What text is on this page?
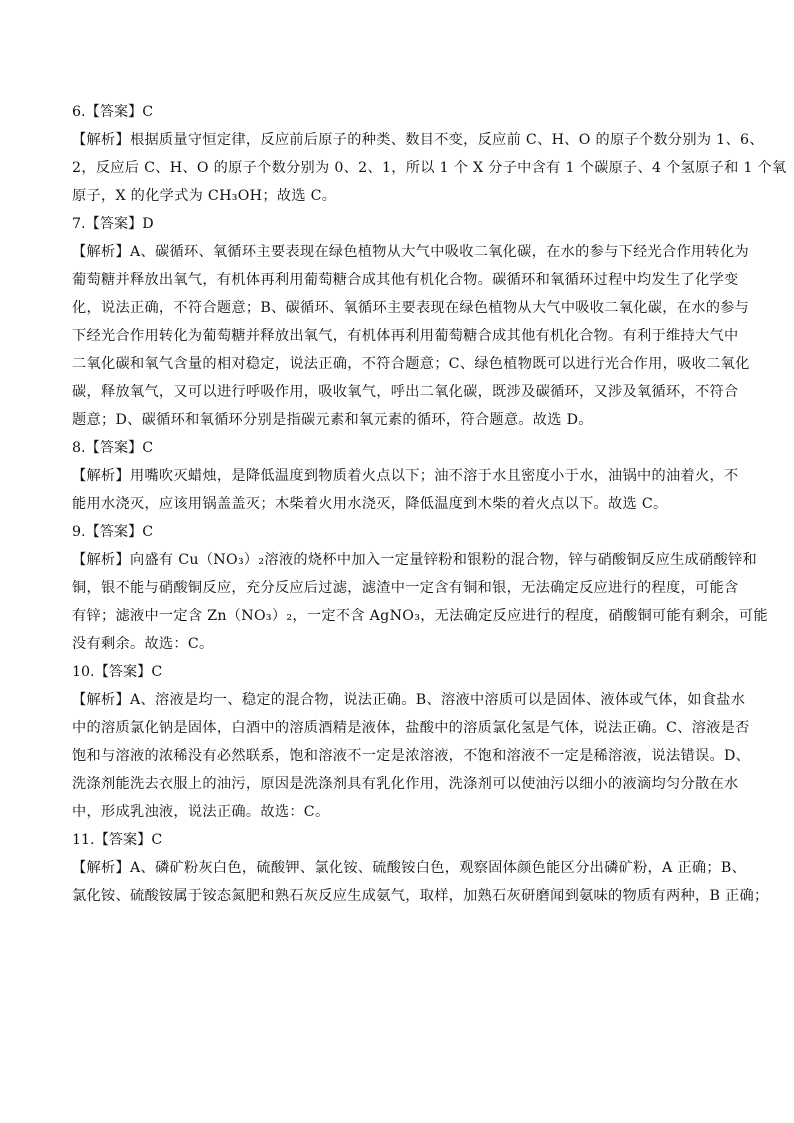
6.【答案】C
【解析】根据质量守恒定律，反应前后原子的种类、数目不变，反应前 C、H、O 的原子个数分别为 1、6、
2，反应后 C、H、O 的原子个数分别为 0、2、1，所以 1 个 X 分子中含有 1 个碳原子、4 个氢原子和 1 个氧
原子，X 的化学式为 CH₃OH；故选 C。
7.【答案】D
【解析】A、碳循环、氧循环主要表现在绿色植物从大气中吸收二氧化碳，在水的参与下经光合作用转化为
葡萄糖并释放出氧气，有机体再利用葡萄糖合成其他有机化合物。碳循环和氧循环过程中均发生了化学变
化，说法正确，不符合题意；B、碳循环、氧循环主要表现在绿色植物从大气中吸收二氧化碳，在水的参与
下经光合作用转化为葡萄糖并释放出氧气，有机体再利用葡萄糖合成其他有机化合物。有利于维持大气中
二氧化碳和氧气含量的相对稳定，说法正确，不符合题意；C、绿色植物既可以进行光合作用，吸收二氧化
碳，释放氧气，又可以进行呼吸作用，吸收氧气，呼出二氧化碳，既涉及碳循环，又涉及氧循环，不符合
题意；D、碳循环和氧循环分别是指碳元素和氧元素的循环，符合题意。故选 D。
8.【答案】C
【解析】用嘴吹灭蜡烛，是降低温度到物质着火点以下；油不溶于水且密度小于水，油锅中的油着火，不
能用水浇灭，应该用锅盖盖灭；木柴着火用水浇灭，降低温度到木柴的着火点以下。故选 C。
9.【答案】C
【解析】向盛有 Cu（NO₃）₂溶液的烧杯中加入一定量锌粉和银粉的混合物，锌与硝酸铜反应生成硝酸锌和
铜，银不能与硝酸铜反应，充分反应后过滤，滤渣中一定含有铜和银，无法确定反应进行的程度，可能含
有锌；滤液中一定含 Zn（NO₃）₂，一定不含 AgNO₃，无法确定反应进行的程度，硝酸铜可能有剩余，可能
没有剩余。故选：C。
10.【答案】C
【解析】A、溶液是均一、稳定的混合物，说法正确。B、溶液中溶质可以是固体、液体或气体，如食盐水
中的溶质氯化钠是固体，白酒中的溶质酒精是液体，盐酸中的溶质氯化氢是气体，说法正确。C、溶液是否
饱和与溶液的浓稀没有必然联系，饱和溶液不一定是浓溶液，不饱和溶液不一定是稀溶液，说法错误。D、
洗涤剂能洗去衣服上的油污，原因是洗涤剂具有乳化作用，洗涤剂可以使油污以细小的液滴均匀分散在水
中，形成乳浊液，说法正确。故选：C。
11.【答案】C
【解析】A、磷矿粉灰白色，硫酸钾、氯化铵、硫酸铵白色，观察固体颜色能区分出磷矿粉，A 正确；B、
氯化铵、硫酸铵属于铵态氮肥和熟石灰反应生成氨气，取样，加熟石灰研磨闻到氨味的物质有两种，B 正确；
